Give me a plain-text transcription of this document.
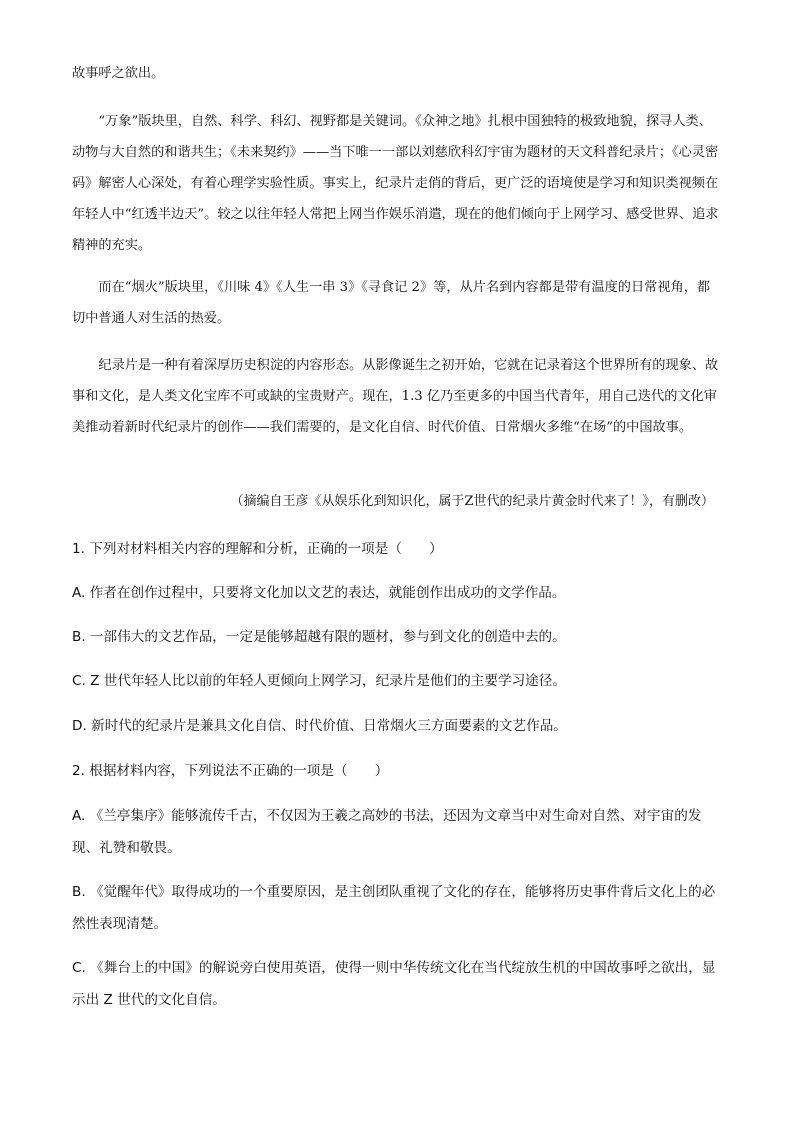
故事呼之欲出。

“万象”版块里，自然、科学、科幻、视野都是关键词。《众神之地》扎根中国独特的极致地貌，探寻人类、动物与大自然的和谐共生；《未来契约》——当下唯一一部以刘慈欣科幻宇宙为题材的天文科普纪录片；《心灵密码》解密人心深处，有着心理学实验性质。事实上，纪录片走俏的背后，更广泛的语境使是学习和知识类视频在年轻人中“红透半边天”。较之以往年轻人常把上网当作娱乐消遣，现在的他们倾向于上网学习、感受世界、追求精神的充实。

而在“烟火”版块里，《川味 4》《人生一串 3》《寻食记 2》等，从片名到内容都是带有温度的日常视角，都切中普通人对生活的热爱。

纪录片是一种有着深厚历史积淀的内容形态。从影像诞生之初开始，它就在记录着这个世界所有的现象、故事和文化，是人类文化宝库不可或缺的宝贵财产。现在，1.3 亿乃至更多的中国当代青年，用自己迭代的文化审美推动着新时代纪录片的创作——我们需要的，是文化自信、时代价值、日常烟火多维“在场”的中国故事。

（摘编自王彦《从娱乐化到知识化，属于Z世代的纪录片黄金时代来了！》，有删改）

1. 下列对材料相关内容的理解和分析，正确的一项是（　　）

A. 作者在创作过程中，只要将文化加以文艺的表达，就能创作出成功的文学作品。

B. 一部伟大的文艺作品，一定是能够超越有限的题材，参与到文化的创造中去的。

C. Z 世代年轻人比以前的年轻人更倾向上网学习，纪录片是他们的主要学习途径。

D. 新时代的纪录片是兼具文化自信、时代价值、日常烟火三方面要素的文艺作品。

2. 根据材料内容，下列说法不正确的一项是（　　）

A. 《兰亭集序》能够流传千古，不仅因为王羲之高妙的书法，还因为文章当中对生命对自然、对宇宙的发现、礼赞和敬畏。

B. 《觉醒年代》取得成功的一个重要原因，是主创团队重视了文化的存在，能够将历史事件背后文化上的必然性表现清楚。

C. 《舞台上的中国》的解说旁白使用英语，使得一则中华传统文化在当代绽放生机的中国故事呼之欲出，显示出 Z 世代的文化自信。
